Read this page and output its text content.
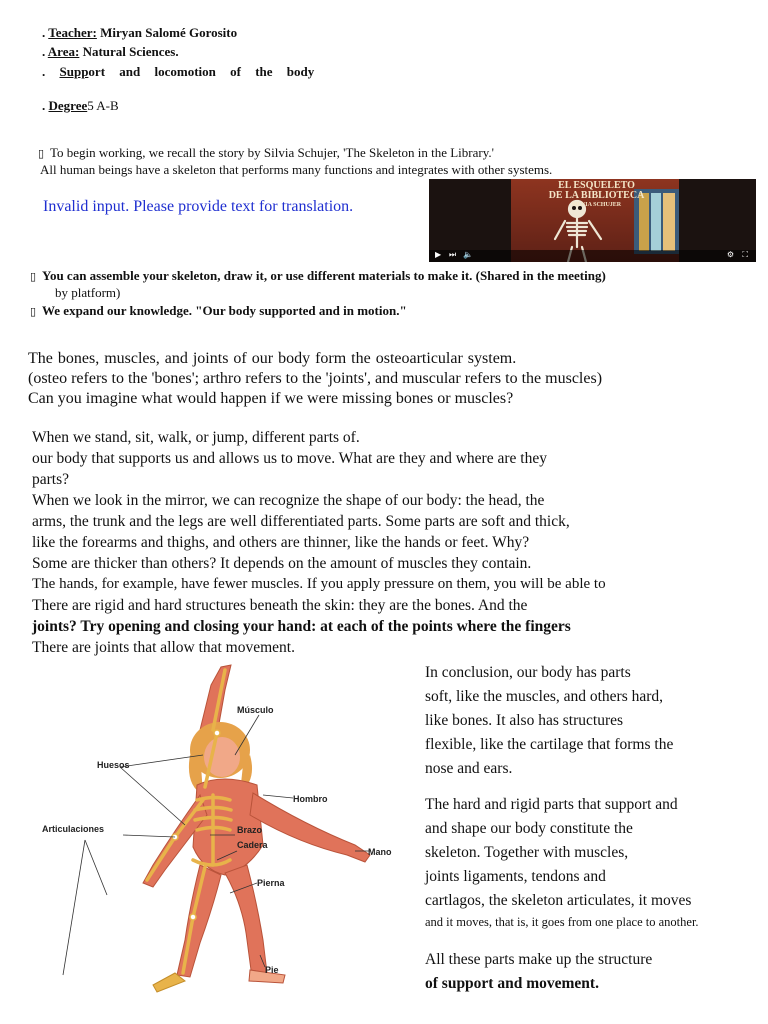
. Teacher: Miryan Salomé Gorosito
. Area: Natural Sciences.
. Support and locomotion of the body
. Degree5 A-B
▯ To begin working, we recall the story by Silvia Schujer, 'The Skeleton in the Library.'
All human beings have a skeleton that performs many functions and integrates with other systems.
Invalid input. Please provide text for translation.
EL ESQUELETO
DE LA BIBLIOTECA
SILVIA SCHUJER
▶ ⏭ 🔈	⚙ ⛶
▯ You can assemble your skeleton, draw it, or use different materials to make it. (Shared in the meeting)
by platform)
▯ We expand our knowledge. "Our body supported and in motion."
The bones, muscles, and joints of our body form the osteoarticular system.
(osteo refers to the 'bones'; arthro refers to the 'joints', and muscular refers to the muscles)
Can you imagine what would happen if we were missing bones or muscles?
When we stand, sit, walk, or jump, different parts of.
our body that supports us and allows us to move. What are they and where are they
parts?
When we look in the mirror, we can recognize the shape of our body: the head, the
arms, the trunk and the legs are well differentiated parts. Some parts are soft and thick,
like the forearms and thighs, and others are thinner, like the hands or feet. Why?
Some are thicker than others? It depends on the amount of muscles they contain.
The hands, for example, have fewer muscles. If you apply pressure on them, you will be able to
There are rigid and hard structures beneath the skin: they are the bones. And the
joints? Try opening and closing your hand: at each of the points where the fingers
There are joints that allow that movement.
In conclusion, our body has parts
soft, like the muscles, and others hard,
like bones. It also has structures
flexible, like the cartilage that forms the
nose and ears.
The hard and rigid parts that support and
and shape our body constitute the
skeleton. Together with muscles,
joints ligaments, tendons and
cartlagos, the skeleton articulates, it moves
and it moves, that is, it goes from one place to another.
All these parts make up the structure
of support and movement.
Músculo
Huesos
Hombro
Articulaciones	Brazo
Cadera
Mano
Pierna
Pie
